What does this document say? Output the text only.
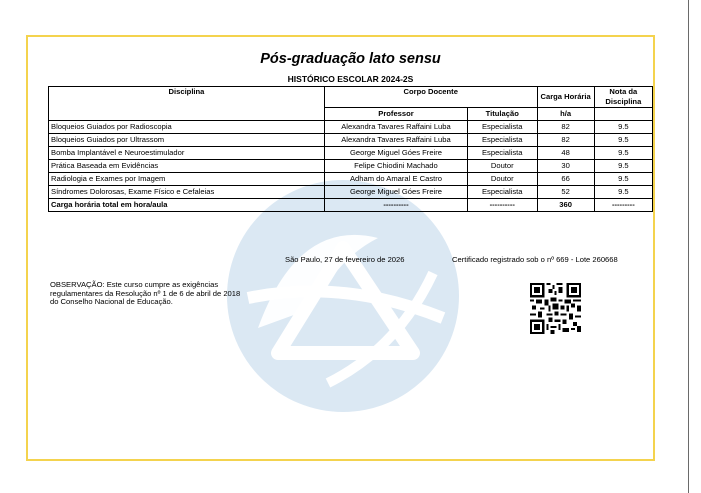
Pós-graduação lato sensu
HISTÓRICO ESCOLAR 2024-2S
Disciplina	Corpo Docente		Carga Horária	Nota da Disciplina
	Professor	Titulação	h/a	
Bloqueios Guiados por Radioscopia	Alexandra Tavares Raffaini Luba	Especialista	82	9.5
Bloqueios Guiados por Ultrassom	Alexandra Tavares Raffaini Luba	Especialista	82	9.5
Bomba Implantável e Neuroestimulador	George Miguel Góes Freire	Especialista	48	9.5
Prática Baseada em Evidências	Felipe Chiodini Machado	Doutor	30	9.5
Radiologia e Exames por Imagem	Adham do Amaral E Castro	Doutor	66	9.5
Síndromes Dolorosas, Exame Físico e Cefaleias	George Miguel Góes Freire	Especialista	52	9.5
Carga horária total em hora/aula	----------	----------	360	---------
São Paulo, 27 de fevereiro de 2026	Certificado registrado sob o nº 669 - Lote 260668
OBSERVAÇÃO: Este curso cumpre as exigências regulamentares da Resolução nº 1 de 6 de abril de 2018 do Conselho Nacional de Educação.
